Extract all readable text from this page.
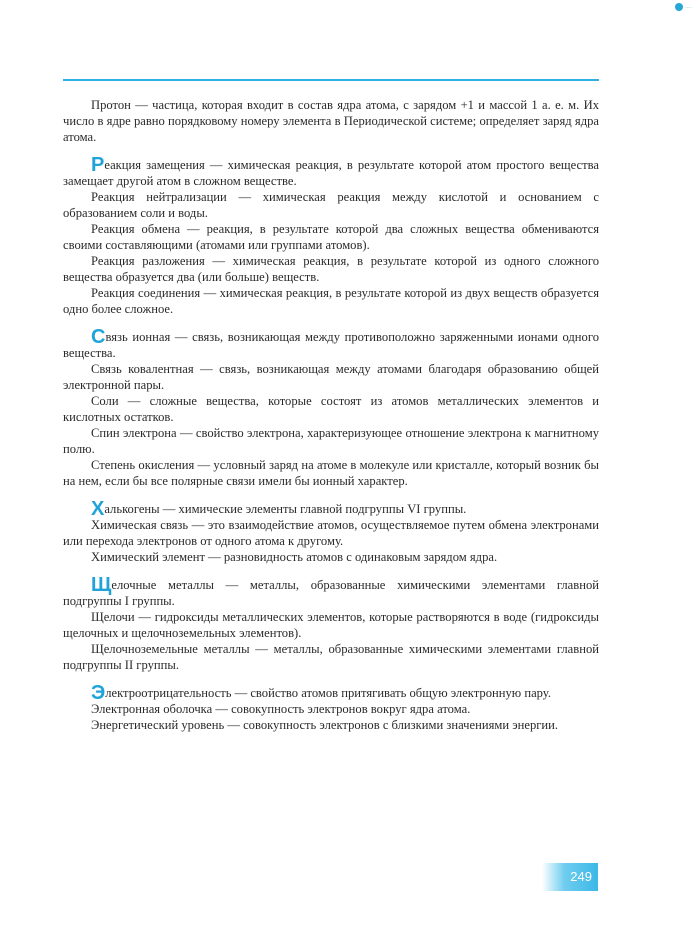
·····

Протон — частица, которая входит в состав ядра атома, с зарядом +1 и массой 1 а. е. м. Их число в ядре равно порядковому номеру элемента в Периодической системе; определяет заряд ядра атома.

Реакция замещения — химическая реакция, в результате которой атом простого вещества замещает другой атом в сложном веществе.

Реакция нейтрализации — химическая реакция между кислотой и основанием с образованием соли и воды.

Реакция обмена — реакция, в результате которой два сложных вещества обмениваются своими составляющими (атомами или группами атомов).

Реакция разложения — химическая реакция, в результате которой из одного сложного вещества образуется два (или больше) веществ.

Реакция соединения — химическая реакция, в результате которой из двух веществ образуется одно более сложное.

Связь ионная — связь, возникающая между противоположно заряженными ионами одного вещества.

Связь ковалентная — связь, возникающая между атомами благодаря образованию общей электронной пары.

Соли — сложные вещества, которые состоят из атомов металлических элементов и кислотных остатков.

Спин электрона — свойство электрона, характеризующее отношение электрона к магнитному полю.

Степень окисления — условный заряд на атоме в молекуле или кристалле, который возник бы на нем, если бы все полярные связи имели бы ионный характер.

Халькогены — химические элементы главной подгруппы VI группы.

Химическая связь — это взаимодействие атомов, осуществляемое путем обмена электронами или перехода электронов от одного атома к другому.

Химический элемент — разновидность атомов с одинаковым зарядом ядра.

Щелочные металлы — металлы, образованные химическими элементами главной подгруппы I группы.

Щелочи — гидроксиды металлических элементов, которые растворяются в воде (гидроксиды щелочных и щелочноземельных элементов).

Щелочноземельные металлы — металлы, образованные химическими элементами главной подгруппы II группы.

Электроотрицательность — свойство атомов притягивать общую электронную пару.

Электронная оболочка — совокупность электронов вокруг ядра атома.

Энергетический уровень — совокупность электронов с близкими значениями энергии.

249
